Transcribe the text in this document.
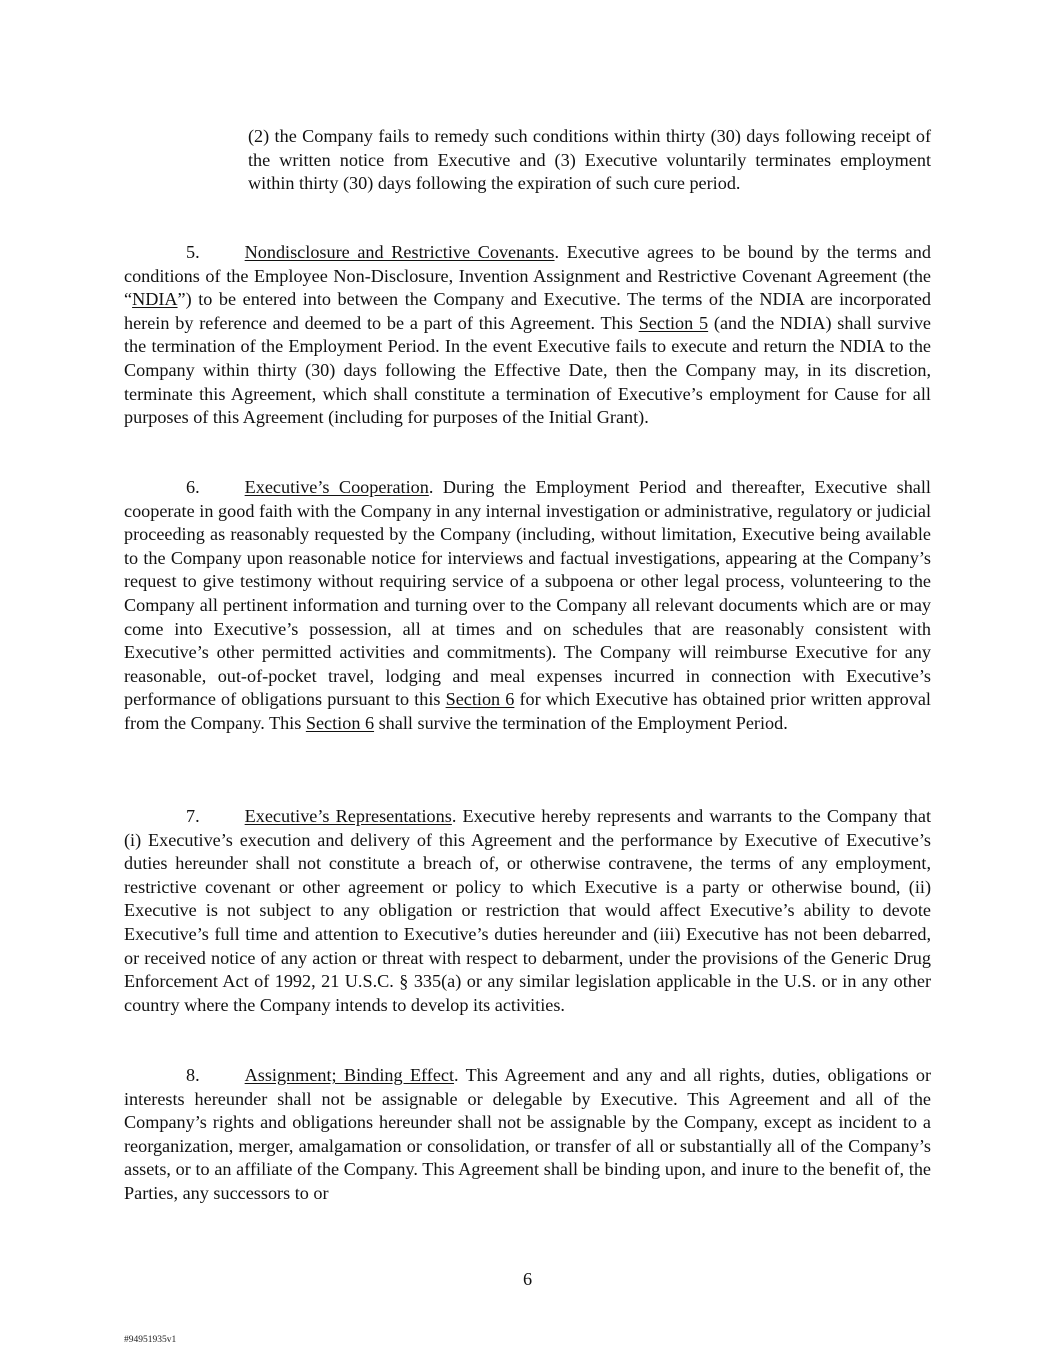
(2) the Company fails to remedy such conditions within thirty (30) days following receipt of the written notice from Executive and (3) Executive voluntarily terminates employment within thirty (30) days following the expiration of such cure period.

5. Nondisclosure and Restrictive Covenants. Executive agrees to be bound by the terms and conditions of the Employee Non-Disclosure, Invention Assignment and Restrictive Covenant Agreement (the “NDIA”) to be entered into between the Company and Executive. The terms of the NDIA are incorporated herein by reference and deemed to be a part of this Agreement. This Section 5 (and the NDIA) shall survive the termination of the Employment Period. In the event Executive fails to execute and return the NDIA to the Company within thirty (30) days following the Effective Date, then the Company may, in its discretion, terminate this Agreement, which shall constitute a termination of Executive’s employment for Cause for all purposes of this Agreement (including for purposes of the Initial Grant).

6. Executive’s Cooperation. During the Employment Period and thereafter, Executive shall cooperate in good faith with the Company in any internal investigation or administrative, regulatory or judicial proceeding as reasonably requested by the Company (including, without limitation, Executive being available to the Company upon reasonable notice for interviews and factual investigations, appearing at the Company’s request to give testimony without requiring service of a subpoena or other legal process, volunteering to the Company all pertinent information and turning over to the Company all relevant documents which are or may come into Executive’s possession, all at times and on schedules that are reasonably consistent with Executive’s other permitted activities and commitments). The Company will reimburse Executive for any reasonable, out-of-pocket travel, lodging and meal expenses incurred in connection with Executive’s performance of obligations pursuant to this Section 6 for which Executive has obtained prior written approval from the Company. This Section 6 shall survive the termination of the Employment Period.

7. Executive’s Representations. Executive hereby represents and warrants to the Company that (i) Executive’s execution and delivery of this Agreement and the performance by Executive of Executive’s duties hereunder shall not constitute a breach of, or otherwise contravene, the terms of any employment, restrictive covenant or other agreement or policy to which Executive is a party or otherwise bound, (ii) Executive is not subject to any obligation or restriction that would affect Executive’s ability to devote Executive’s full time and attention to Executive’s duties hereunder and (iii) Executive has not been debarred, or received notice of any action or threat with respect to debarment, under the provisions of the Generic Drug Enforcement Act of 1992, 21 U.S.C. § 335(a) or any similar legislation applicable in the U.S. or in any other country where the Company intends to develop its activities.

8. Assignment; Binding Effect. This Agreement and any and all rights, duties, obligations or interests hereunder shall not be assignable or delegable by Executive. This Agreement and all of the Company’s rights and obligations hereunder shall not be assignable by the Company, except as incident to a reorganization, merger, amalgamation or consolidation, or transfer of all or substantially all of the Company’s assets, or to an affiliate of the Company. This Agreement shall be binding upon, and inure to the benefit of, the Parties, any successors to or

6
#94951935v1
